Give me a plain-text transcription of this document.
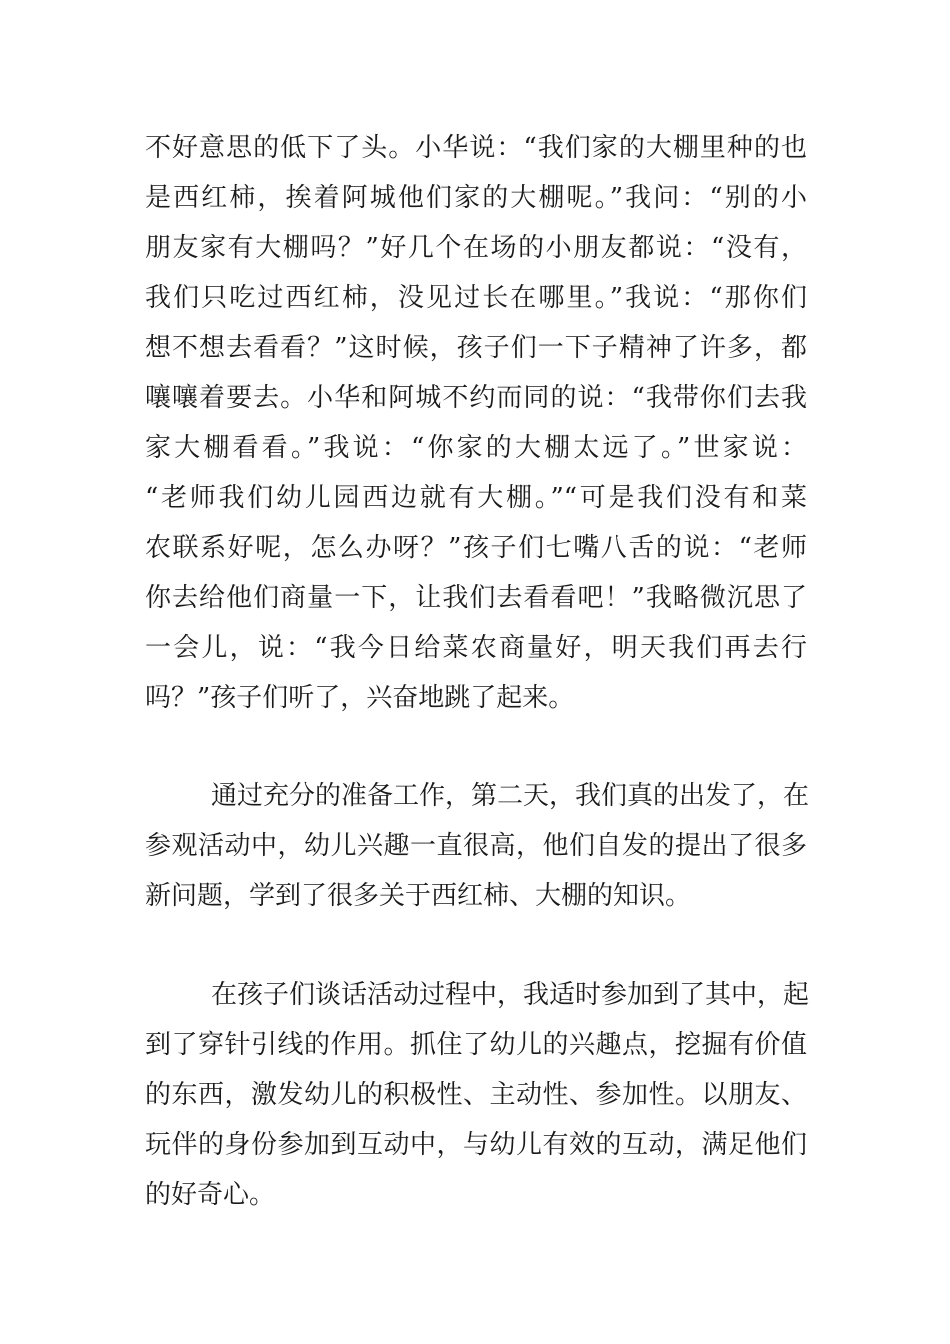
不好意思的低下了头。小华说：“我们家的大棚里种的也
是西红柿，挨着阿城他们家的大棚呢。”我问：“别的小
朋友家有大棚吗？”好几个在场的小朋友都说：“没有，
我们只吃过西红柿，没见过长在哪里。”我说：“那你们
想不想去看看？”这时候，孩子们一下子精神了许多，都
嚷嚷着要去。小华和阿城不约而同的说：“我带你们去我
家大棚看看。”我说：“你家的大棚太远了。”世家说：
“老师我们幼儿园西边就有大棚。”“可是我们没有和菜
农联系好呢，怎么办呀？”孩子们七嘴八舌的说：“老师
你去给他们商量一下，让我们去看看吧！”我略微沉思了
一会儿，说：“我今日给菜农商量好，明天我们再去行
吗？”孩子们听了，兴奋地跳了起来。
通过充分的准备工作，第二天，我们真的出发了，在
参观活动中，幼儿兴趣一直很高，他们自发的提出了很多
新问题，学到了很多关于西红柿、大棚的知识。
在孩子们谈话活动过程中，我适时参加到了其中，起
到了穿针引线的作用。抓住了幼儿的兴趣点，挖掘有价值
的东西，激发幼儿的积极性、主动性、参加性。以朋友、
玩伴的身份参加到互动中，与幼儿有效的互动，满足他们
的好奇心。
